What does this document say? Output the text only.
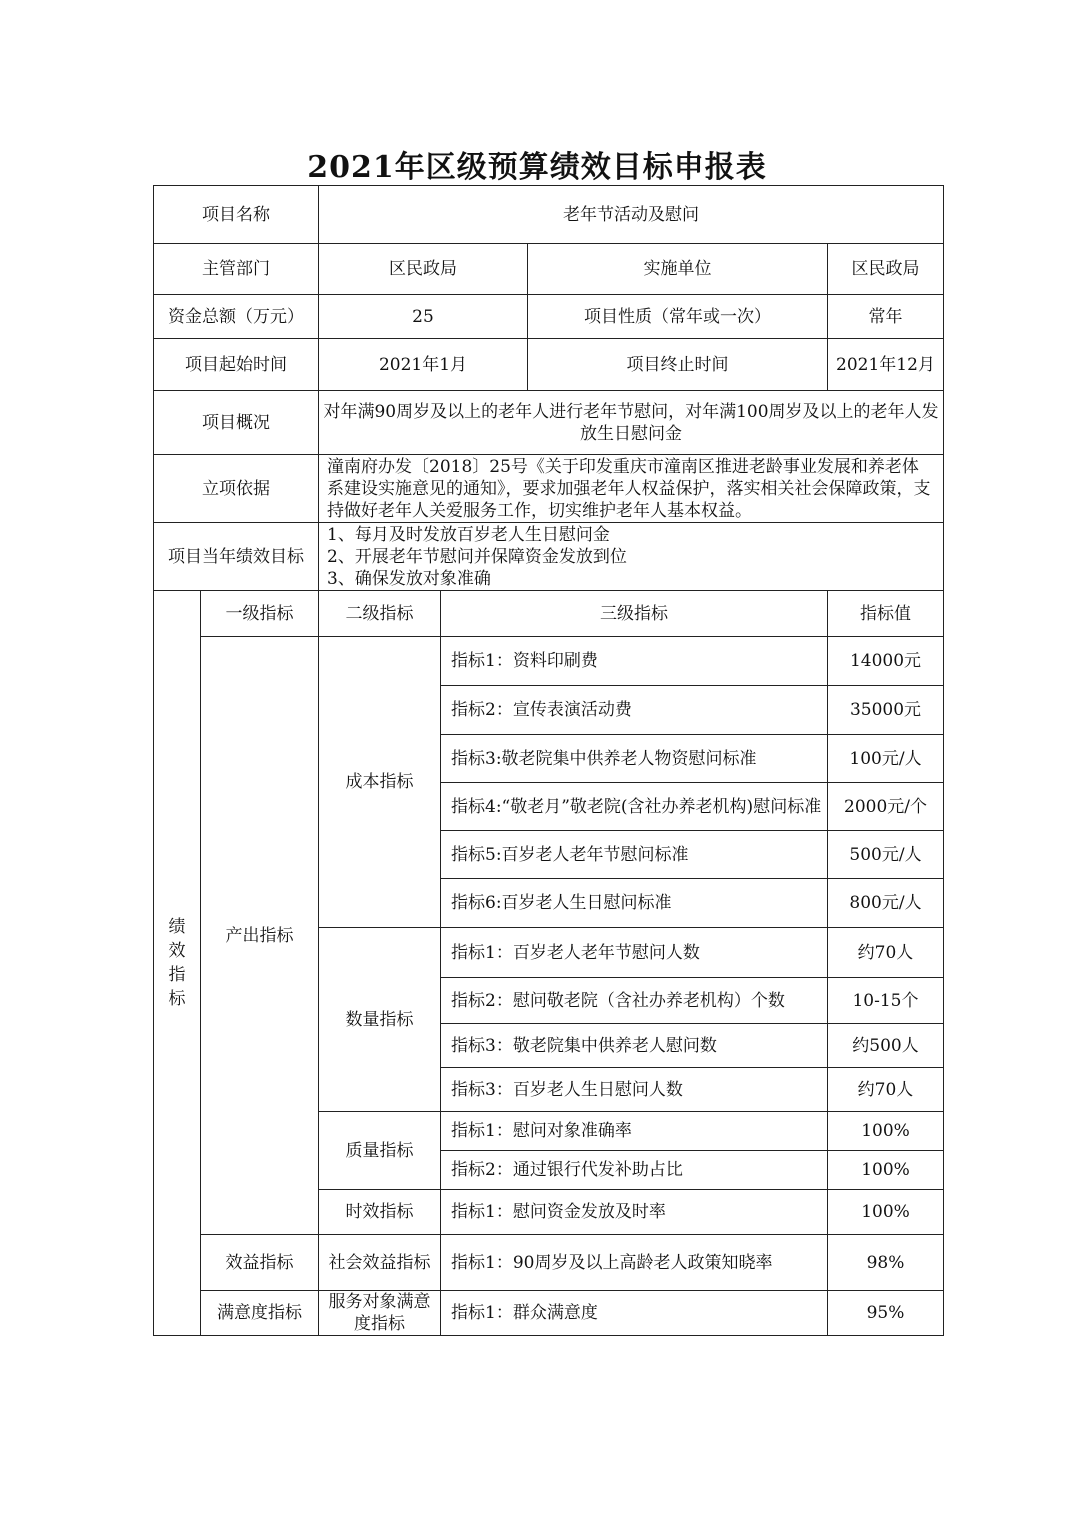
2021年区级预算绩效目标申报表
项目名称		老年节活动及慰问			
主管部门		区民政局		实施单位	区民政局
资金总额（万元）		25		项目性质（常年或一次）	常年
项目起始时间		2021年1月		项目终止时间	2021年12月
项目概况		对年满90周岁及以上的老年人进行老年节慰问，对年满100周岁及以上的老年人发放生日慰问金			
立项依据		潼南府办发〔2018〕25号《关于印发重庆市潼南区推进老龄事业发展和养老体系建设实施意见的通知》，要求加强老年人权益保护，落实相关社会保障政策，支持做好老年人关爱服务工作，切实维护老年人基本权益。			
项目当年绩效目标		1、每月及时发放百岁老人生日慰问金
2、开展老年节慰问并保障资金发放到位
3、确保发放对象准确			

绩效指标	一级指标	二级指标	三级指标		指标值
	产出指标	成本指标	指标1：资料印刷费		14000元
			指标2：宣传表演活动费		35000元
			指标3:敬老院集中供养老人物资慰问标准		100元/人
			指标4:“敬老月”敬老院(含社办养老机构)慰问标准		2000元/个
			指标5:百岁老人老年节慰问标准		500元/人
			指标6:百岁老人生日慰问标准		800元/人
		数量指标	指标1：百岁老人老年节慰问人数		约70人
			指标2：慰问敬老院（含社办养老机构）个数		10-15个
			指标3：敬老院集中供养老人慰问数		约500人
			指标3：百岁老人生日慰问人数		约70人
		质量指标	指标1：慰问对象准确率		100%
			指标2：通过银行代发补助占比		100%
		时效指标	指标1：慰问资金发放及时率		100%
	效益指标	社会效益指标	指标1：90周岁及以上高龄老人政策知晓率		98%
	满意度指标	服务对象满意度指标	指标1：群众满意度		95%
